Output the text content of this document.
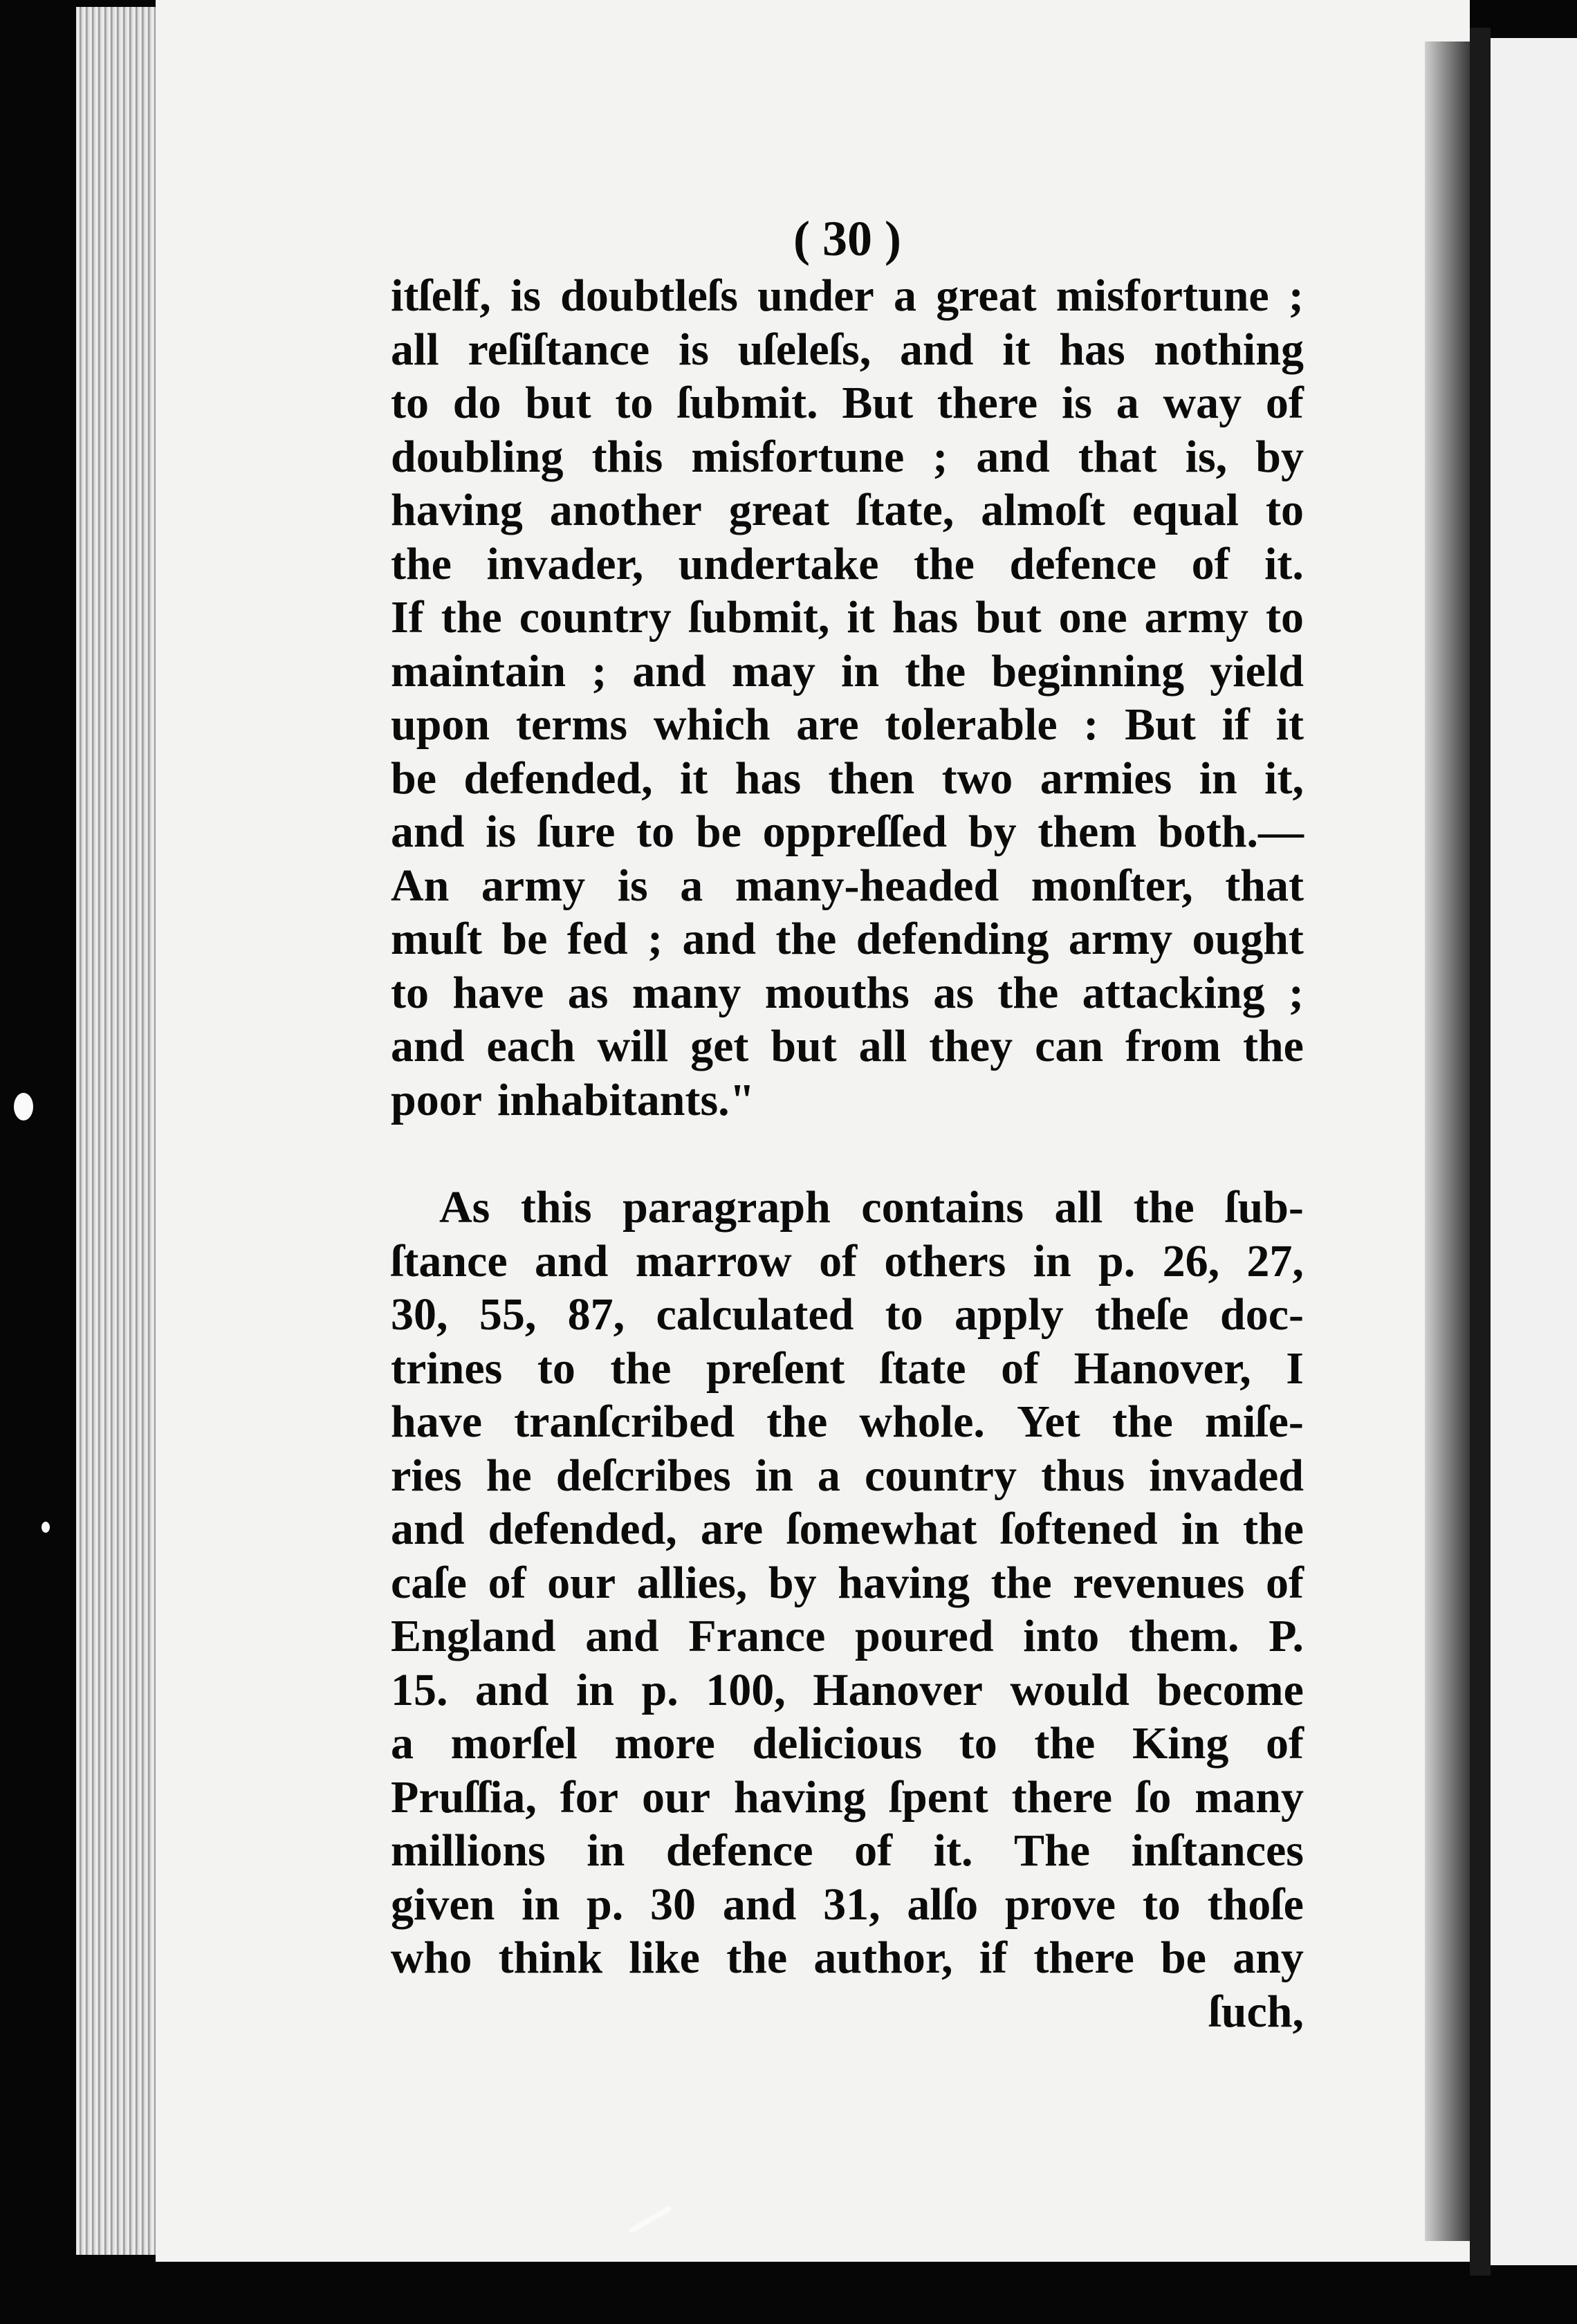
( 30 )
itſelf, is doubtleſs under a great misfortune ;
all reſiſtance is uſeleſs, and it has nothing
to do but to ſubmit. But there is a way of
doubling this misfortune ; and that is, by
having another great ſtate, almoſt equal to
the invader, undertake the defence of it.
If the country ſubmit, it has but one army to
maintain ; and may in the beginning yield
upon terms which are tolerable : But if it
be defended, it has then two armies in it,
and is ſure to be oppreſſed by them both.—
An army is a many-headed monſter, that
muſt be fed ; and the defending army ought
to have as many mouths as the attacking ;
and each will get but all they can from the
poor inhabitants."
As this paragraph contains all the ſub-
ſtance and marrow of others in p. 26, 27,
30, 55, 87, calculated to apply theſe doc-
trines to the preſent ſtate of Hanover, I
have tranſcribed the whole. Yet the miſe-
ries he deſcribes in a country thus invaded
and defended, are ſomewhat ſoftened in the
caſe of our allies, by having the revenues of
England and France poured into them. P.
15. and in p. 100, Hanover would become
a morſel more delicious to the King of
Pruſſia, for our having ſpent there ſo many
millions in defence of it. The inſtances
given in p. 30 and 31, alſo prove to thoſe
who think like the author, if there be any
ſuch,
